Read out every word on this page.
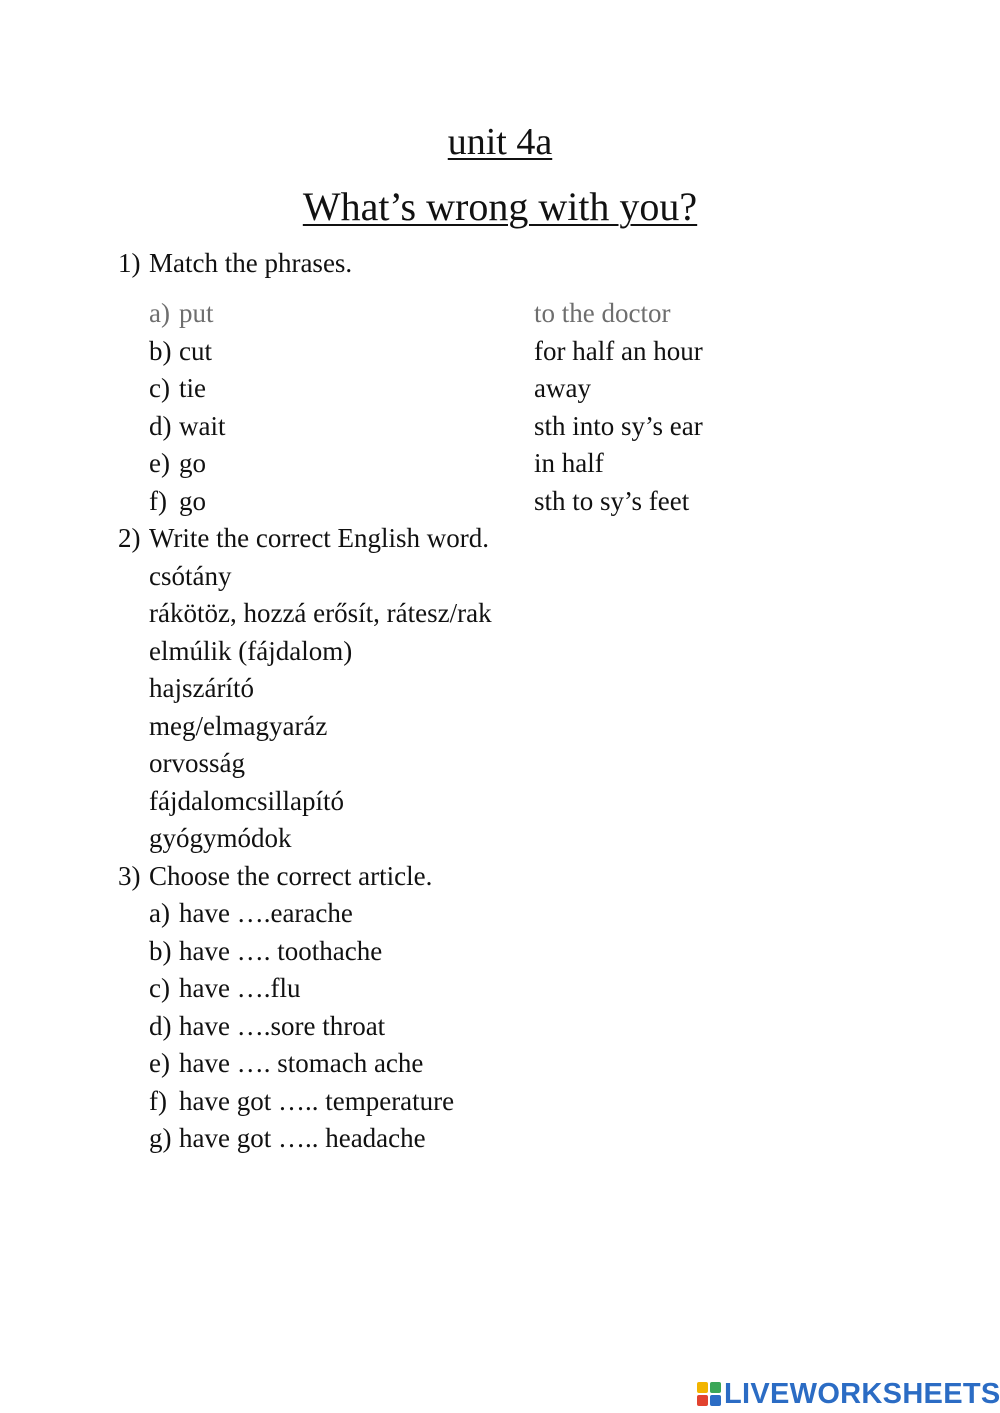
unit 4a
What’s wrong with you?
1) Match the phrases.
a) put	to the doctor
b) cut	for half an hour
c) tie	away
d) wait	sth into sy’s ear
e) go	in half
f) go	sth to sy’s feet
2) Write the correct English word.
csótány
rákötöz, hozzá erősít, rátesz/rak
elmúlik (fájdalom)
hajszárító
meg/elmagyaráz
orvosság
fájdalomcsillapító
gyógymódok
3) Choose the correct article.
a) have ….earache
b) have …. toothache
c) have ….flu
d) have ….sore throat
e) have …. stomach ache
f) have got ….. temperature
g) have got ….. headache
LIVEWORKSHEETS
